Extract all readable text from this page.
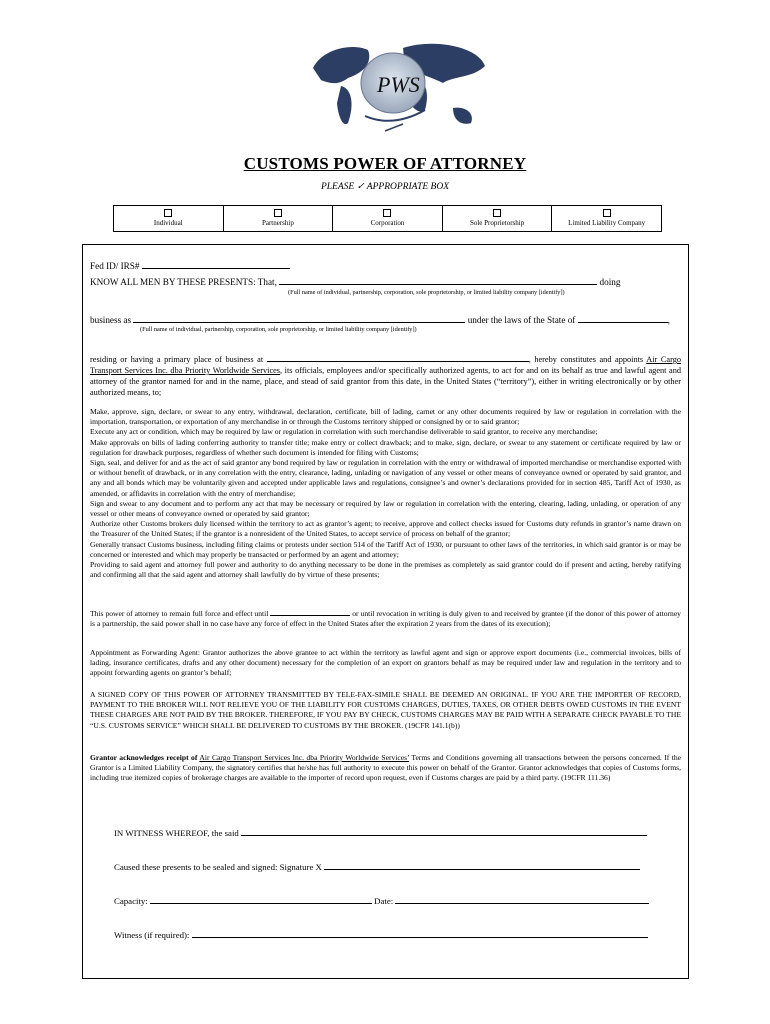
PWS
CUSTOMS POWER OF ATTORNEY
PLEASE ✓ APPROPRIATE BOX
Individual	Partnership	Corporation	Sole Proprietorship	Limited Liability Company
Fed ID/ IRS#
KNOW ALL MEN BY THESE PRESENTS: That,	doing
(Full name of individual, partnership, corporation, sole proprietorship, or limited liability company [identify])
business as	under the laws of the State of	,
(Full name of individual, partnership, corporation, sole proprietorship, or limited liability company [identify])
residing or having a primary place of business at	, hereby constitutes and appoints Air Cargo Transport Services Inc. dba Priority Worldwide Services, its officials, employees and/or specifically authorized agents, to act for and on its behalf as true and lawful agent and attorney of the grantor named for and in the name, place, and stead of said grantor from this date, in the United States (“territory”), either in writing electronically or by other authorized means, to;
Make, approve, sign, declare, or swear to any entry, withdrawal, declaration, certificate, bill of lading, carnet or any other documents required by law or regulation in correlation with the importation, transportation, or exportation of any merchandise in or through the Customs territory shipped or consigned by or to said grantor;
Execute any act or condition, which may be required by law or regulation in correlation with such merchandise deliverable to said grantor, to receive any merchandise;
Make approvals on bills of lading conferring authority to transfer title; make entry or collect drawback; and to make, sign, declare, or swear to any statement or certificate required by law or regulation for drawback purposes, regardless of whether such document is intended for filing with Customs;
Sign, seal, and deliver for and as the act of said grantor any bond required by law or regulation in correlation with the entry or withdrawal of imported merchandise or merchandise exported with or without benefit of drawback, or in any correlation with the entry, clearance, lading, unlading or navigation of any vessel or other means of conveyance owned or operated by said grantor, and any and all bonds which may be voluntarily given and accepted under applicable laws and regulations, consignee’s and owner’s declarations provided for in section 485, Tariff Act of 1930, as amended, or affidavits in correlation with the entry of merchandise;
Sign and swear to any document and to perform any act that may be necessary or required by law or regulation in correlation with the entering, clearing, lading, unlading, or operation of any vessel or other means of conveyance owned or operated by said grantor;
Authorize other Customs brokers duly licensed within the territory to act as grantor’s agent; to receive, approve and collect checks issued for Customs duty refunds in grantor’s name drawn on the Treasurer of the United States; if the grantor is a nonresident of the United States, to accept service of process on behalf of the grantor;
Generally transact Customs business, including filing claims or protests under section 514 of the Tariff Act of 1930, or pursuant to other laws of the territories, in which said grantor is or may be concerned or interested and which may properly be transacted or performed by an agent and attorney;
Providing to said agent and attorney full power and authority to do anything necessary to be done in the premises as completely as said grantor could do if present and acting, hereby ratifying and confirming all that the said agent and attorney shall lawfully do by virtue of these presents;
This power of attorney to remain full force and effect until	or until revocation in writing is duly given to and received by grantee (if the donor of this power of attorney is a partnership, the said power shall in no case have any force of effect in the United States after the expiration 2 years from the dates of its execution);
Appointment as Forwarding Agent: Grantor authorizes the above grantee to act within the territory as lawful agent and sign or approve export documents (i.e., commercial invoices, bills of lading, insurance certificates, drafts and any other document) necessary for the completion of an export on grantors behalf as may be required under law and regulation in the territory and to appoint forwarding agents on grantor’s behalf;
A SIGNED COPY OF THIS POWER OF ATTORNEY TRANSMITTED BY TELE-FAX-SIMILE SHALL BE DEEMED AN ORIGINAL. IF YOU ARE THE IMPORTER OF RECORD, PAYMENT TO THE BROKER WILL NOT RELIEVE YOU OF THE LIABILITY FOR CUSTOMS CHARGES, DUTIES, TAXES, OR OTHER DEBTS OWED CUSTOMS IN THE EVENT THESE CHARGES ARE NOT PAID BY THE BROKER. THEREFORE, IF YOU PAY BY CHECK, CUSTOMS CHARGES MAY BE PAID WITH A SEPARATE CHECK PAYABLE TO THE “U.S. CUSTOMS SERVICE” WHICH SHALL BE DELIVERED TO CUSTOMS BY THE BROKER. (19CFR 141.1(b))
Grantor acknowledges receipt of Air Cargo Transport Services Inc. dba Priority Worldwide Services’ Terms and Conditions governing all transactions between the persons concerned. If the Grantor is a Limited Liability Company, the signatory certifies that he/she has full authority to execute this power on behalf of the Grantor. Grantor acknowledges that copies of Customs forms, including true itemized copies of brokerage charges are available to the importer of record upon request, even if Customs charges are paid by a third party. (19CFR 111.36)
IN WITNESS WHEREOF, the said
Caused these presents to be sealed and signed: Signature X
Capacity:	Date:
Witness (if required):
